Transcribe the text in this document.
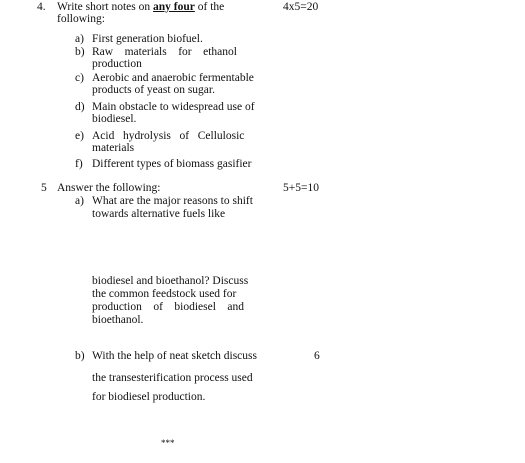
4. Write short notes on any four of the	4x5=20
following:
a) First generation biofuel.
b) Raw    materials    for    ethanol
production
c) Aerobic and anaerobic fermentable
products of yeast on sugar.
d) Main obstacle to widespread use of
biodiesel.
e) Acid   hydrolysis   of   Cellulosic
materials
f) Different types of biomass gasifier
5 Answer the following:	5+5=10
a) What are the major reasons to shift
towards alternative fuels like
biodiesel and bioethanol? Discuss
the common feedstock used for
production    of    biodiesel    and
bioethanol.
b) With the help of neat sketch discuss	6
the transesterification process used
for biodiesel production.
***
